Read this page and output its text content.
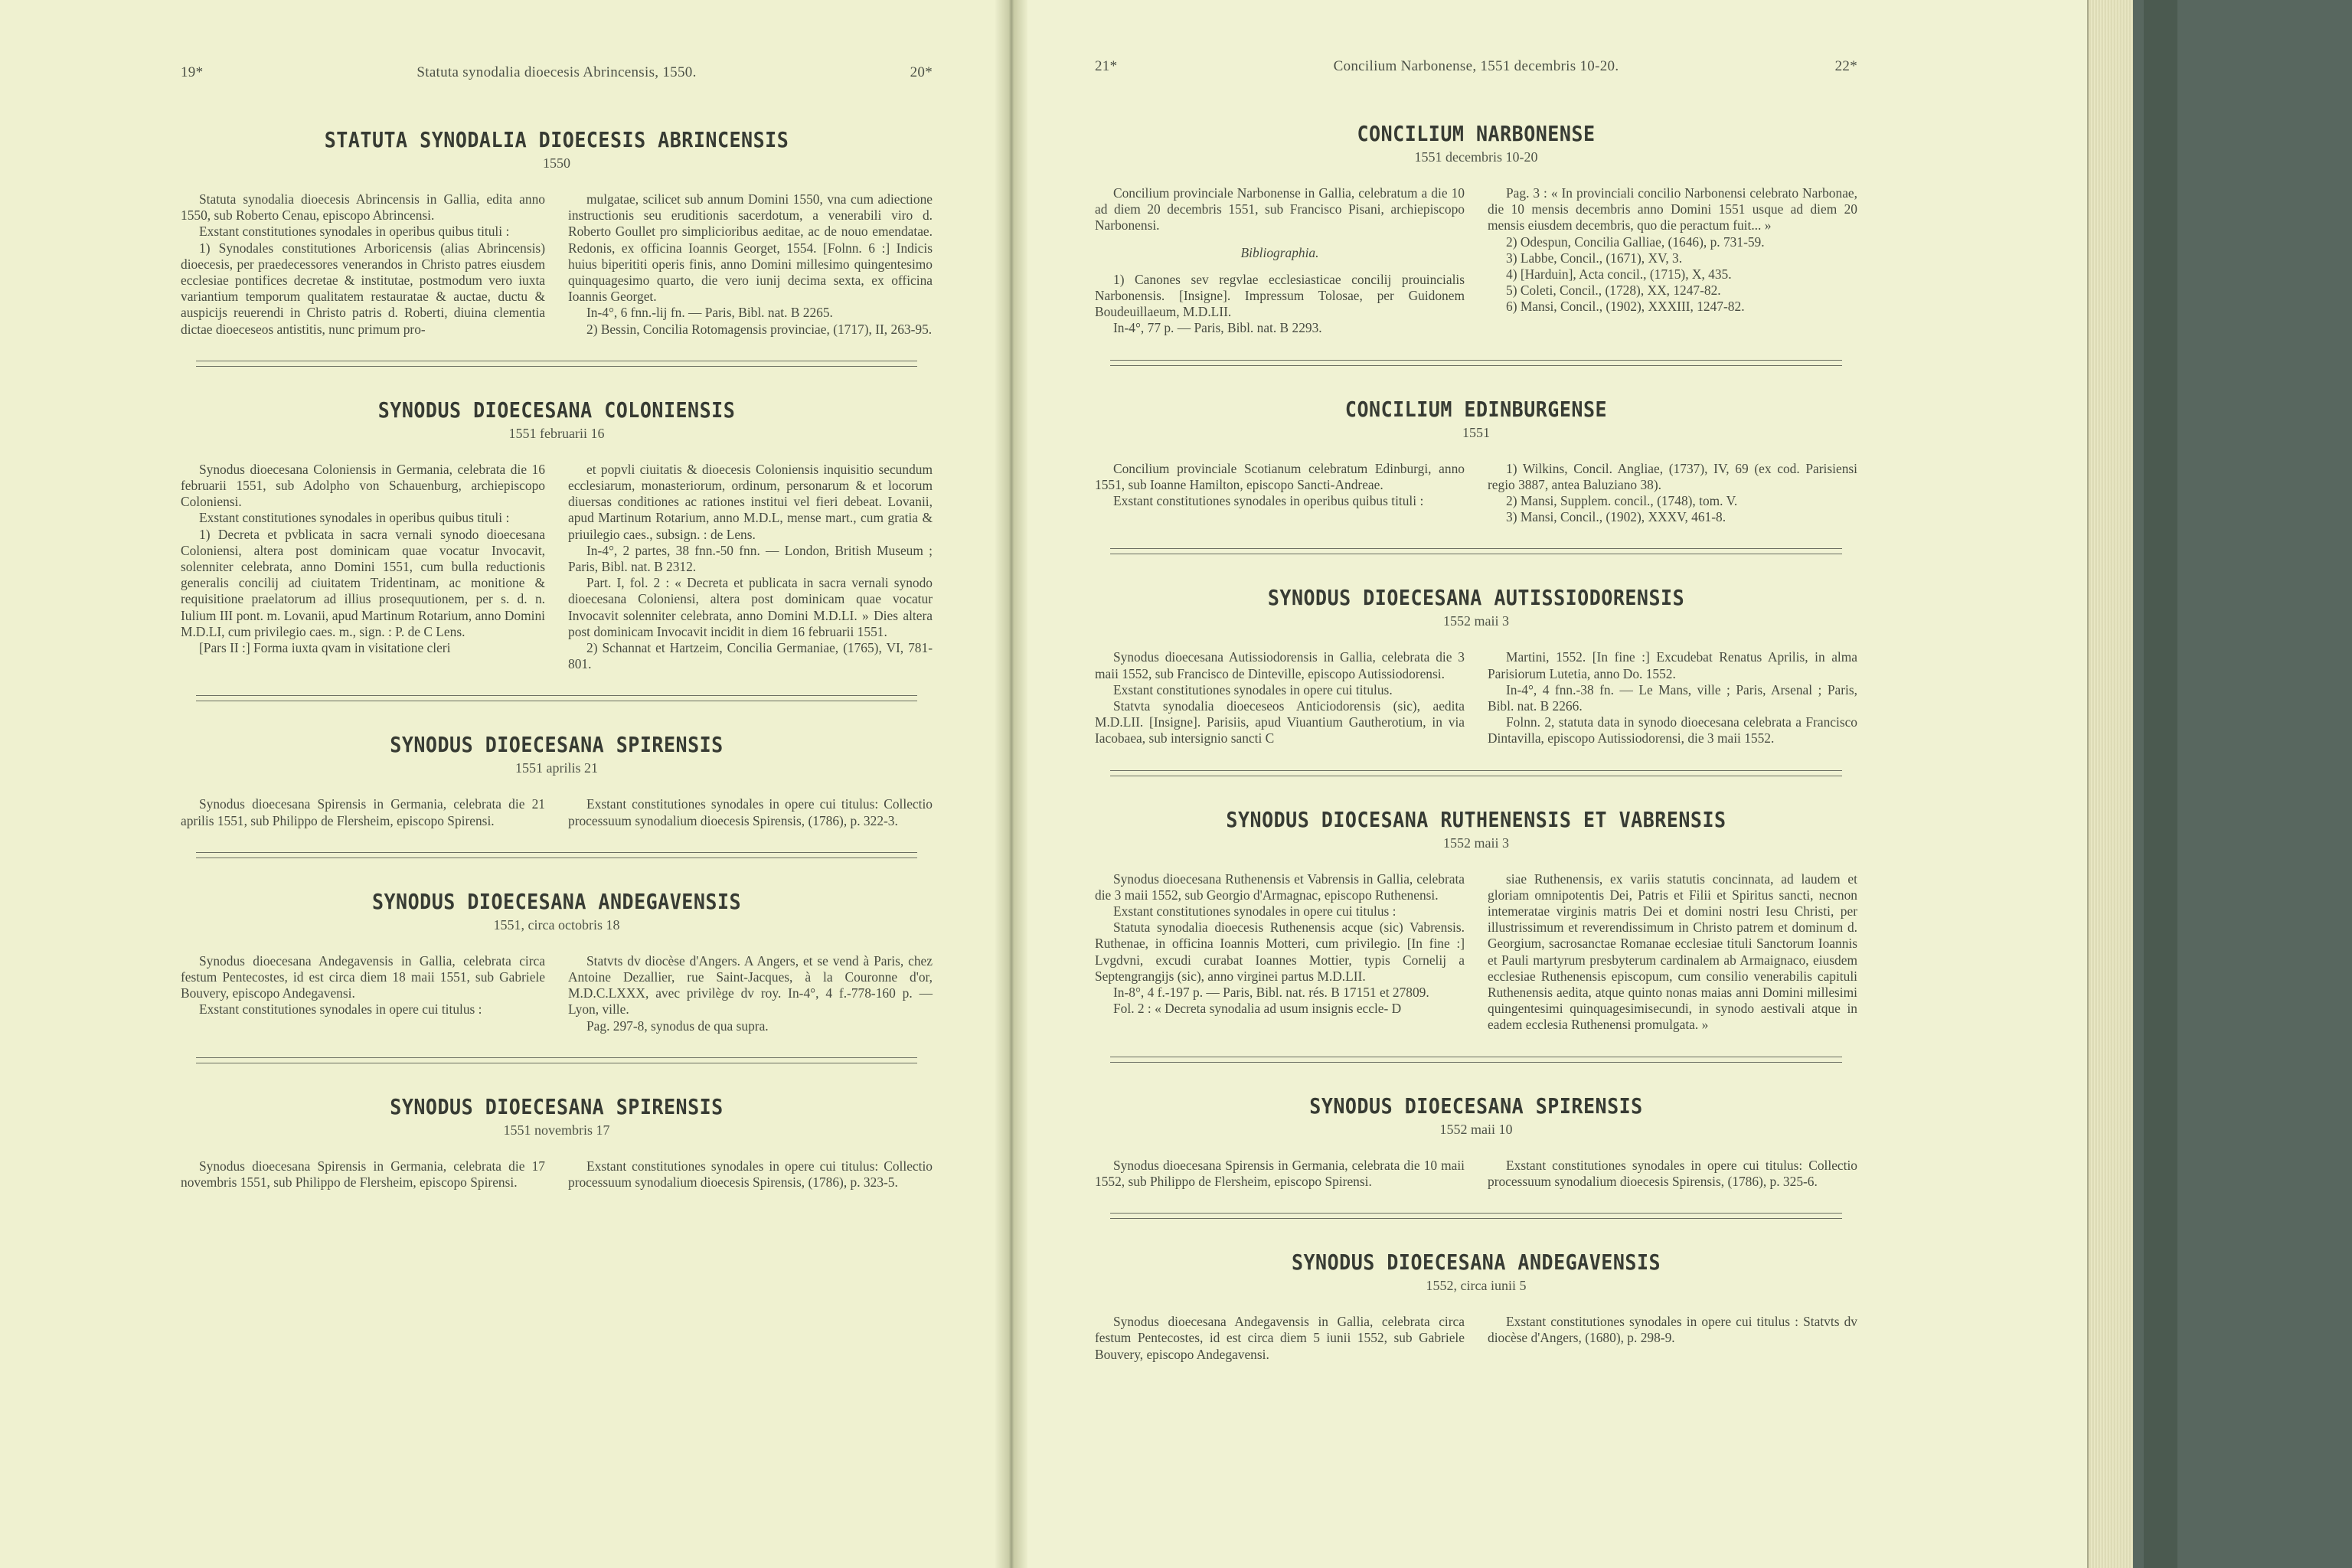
19*	Statuta synodalia dioecesis Abrincensis, 1550.	20*
STATUTA SYNODALIA DIOECESIS ABRINCENSIS
1550

Statuta synodalia dioecesis Abrincensis in Gallia, edita anno 1550, sub Roberto Cenau, episcopo Abrincensi.

Exstant constitutiones synodales in operibus quibus tituli :

1) Synodales constitutiones Arboricensis (alias Abrincensis) dioecesis, per praedecessores venerandos in Christo patres eiusdem ecclesiae pontifices decretae & institutae, postmodum vero iuxta variantium temporum qualitatem restauratae & auctae, ductu & auspicijs reuerendi in Christo patris d. Roberti, diuina clementia dictae dioeceseos antistitis, nunc primum pro-

mulgatae, scilicet sub annum Domini 1550, vna cum adiectione instructionis seu eruditionis sacerdotum, a venerabili viro d. Roberto Goullet pro simplicioribus aeditae, ac de nouo emendatae. Redonis, ex officina Ioannis Georget, 1554. [Folnn. 6 :] Indicis huius biperititi operis finis, anno Domini millesimo quingentesimo quinquagesimo quarto, die vero iunij decima sexta, ex officina Ioannis Georget.

In-4°, 6 fnn.-lij fn. — Paris, Bibl. nat. B 2265.

2) Bessin, Concilia Rotomagensis provinciae, (1717), II, 263-95.

SYNODUS DIOECESANA COLONIENSIS
1551 februarii 16

Synodus dioecesana Coloniensis in Germania, celebrata die 16 februarii 1551, sub Adolpho von Schauenburg, archiepiscopo Coloniensi.

Exstant constitutiones synodales in operibus quibus tituli :

1) Decreta et pvblicata in sacra vernali synodo dioecesana Coloniensi, altera post dominicam quae vocatur Invocavit, solenniter celebrata, anno Domini 1551, cum bulla reductionis generalis concilij ad ciuitatem Tridentinam, ac monitione & requisitione praelatorum ad illius prosequutionem, per s. d. n. Iulium III pont. m. Lovanii, apud Martinum Rotarium, anno Domini M.D.LI, cum privilegio caes. m., sign. : P. de C Lens.

[Pars II :] Forma iuxta qvam in visitatione cleri

et popvli ciuitatis & dioecesis Coloniensis inquisitio secundum ecclesiarum, monasteriorum, ordinum, personarum & et locorum diuersas conditiones ac rationes institui vel fieri debeat. Lovanii, apud Martinum Rotarium, anno M.D.L, mense mart., cum gratia & priuilegio caes., subsign. : de Lens.

In-4°, 2 partes, 38 fnn.-50 fnn. — London, British Museum ; Paris, Bibl. nat. B 2312.

Part. I, fol. 2 : « Decreta et publicata in sacra vernali synodo dioecesana Coloniensi, altera post dominicam quae vocatur Invocavit solenniter celebrata, anno Domini M.D.LI. » Dies altera post dominicam Invocavit incidit in diem 16 februarii 1551.

2) Schannat et Hartzeim, Concilia Germaniae, (1765), VI, 781-801.

SYNODUS DIOECESANA SPIRENSIS
1551 aprilis 21

Synodus dioecesana Spirensis in Germania, celebrata die 21 aprilis 1551, sub Philippo de Flersheim, episcopo Spirensi.

Exstant constitutiones synodales in opere cui titulus: Collectio processuum synodalium dioecesis Spirensis, (1786), p. 322-3.

SYNODUS DIOECESANA ANDEGAVENSIS
1551, circa octobris 18

Synodus dioecesana Andegavensis in Gallia, celebrata circa festum Pentecostes, id est circa diem 18 maii 1551, sub Gabriele Bouvery, episcopo Andegavensi.

Exstant constitutiones synodales in opere cui titulus :

Statvts dv diocèse d'Angers. A Angers, et se vend à Paris, chez Antoine Dezallier, rue Saint-Jacques, à la Couronne d'or, M.D.C.LXXX, avec privilège dv roy. In-4°, 4 f.-778-160 p. — Lyon, ville.

Pag. 297-8, synodus de qua supra.

SYNODUS DIOECESANA SPIRENSIS
1551 novembris 17

Synodus dioecesana Spirensis in Germania, celebrata die 17 novembris 1551, sub Philippo de Flersheim, episcopo Spirensi.

Exstant constitutiones synodales in opere cui titulus: Collectio processuum synodalium dioecesis Spirensis, (1786), p. 323-5.

21*	Concilium Narbonense, 1551 decembris 10-20.	22*
CONCILIUM NARBONENSE
1551 decembris 10-20

Concilium provinciale Narbonense in Gallia, celebratum a die 10 ad diem 20 decembris 1551, sub Francisco Pisani, archiepiscopo Narbonensi.

Bibliographia.

1) Canones sev regvlae ecclesiasticae concilij prouincialis Narbonensis. [Insigne]. Impressum Tolosae, per Guidonem Boudeuillaeum, M.D.LII.

In-4°, 77 p. — Paris, Bibl. nat. B 2293.

Pag. 3 : « In provinciali concilio Narbonensi celebrato Narbonae, die 10 mensis decembris anno Domini 1551 usque ad diem 20 mensis eiusdem decembris, quo die peractum fuit... »

2) Odespun, Concilia Galliae, (1646), p. 731-59.

3) Labbe, Concil., (1671), XV, 3.

4) [Harduin], Acta concil., (1715), X, 435.

5) Coleti, Concil., (1728), XX, 1247-82.

6) Mansi, Concil., (1902), XXXIII, 1247-82.

CONCILIUM EDINBURGENSE
1551

Concilium provinciale Scotianum celebratum Edinburgi, anno 1551, sub Ioanne Hamilton, episcopo Sancti-Andreae.

Exstant constitutiones synodales in operibus quibus tituli :

1) Wilkins, Concil. Angliae, (1737), IV, 69 (ex cod. Parisiensi regio 3887, antea Baluziano 38).

2) Mansi, Supplem. concil., (1748), tom. V.

3) Mansi, Concil., (1902), XXXV, 461-8.

SYNODUS DIOECESANA AUTISSIODORENSIS
1552 maii 3

Synodus dioecesana Autissiodorensis in Gallia, celebrata die 3 maii 1552, sub Francisco de Dinteville, episcopo Autissiodorensi.

Exstant constitutiones synodales in opere cui titulus.

Statvta synodalia dioeceseos Anticiodorensis (sic), aedita M.D.LII. [Insigne]. Parisiis, apud Viuantium Gautherotium, in via Iacobaea, sub intersignio sancti C

Martini, 1552. [In fine :] Excudebat Renatus Aprilis, in alma Parisiorum Lutetia, anno Do. 1552.

In-4°, 4 fnn.-38 fn. — Le Mans, ville ; Paris, Arsenal ; Paris, Bibl. nat. B 2266.

Folnn. 2, statuta data in synodo dioecesana celebrata a Francisco Dintavilla, episcopo Autissiodorensi, die 3 maii 1552.

SYNODUS DIOCESANA RUTHENENSIS ET VABRENSIS
1552 maii 3

Synodus dioecesana Ruthenensis et Vabrensis in Gallia, celebrata die 3 maii 1552, sub Georgio d'Armagnac, episcopo Ruthenensi.

Exstant constitutiones synodales in opere cui titulus :

Statuta synodalia dioecesis Ruthenensis acque (sic) Vabrensis. Ruthenae, in officina Ioannis Motteri, cum privilegio. [In fine :] Lvgdvni, excudi curabat Ioannes Mottier, typis Cornelij a Septengrangijs (sic), anno virginei partus M.D.LII.

In-8°, 4 f.-197 p. — Paris, Bibl. nat. rés. B 17151 et 27809.

Fol. 2 : « Decreta synodalia ad usum insignis eccle- D

siae Ruthenensis, ex variis statutis concinnata, ad laudem et gloriam omnipotentis Dei, Patris et Filii et Spiritus sancti, necnon intemeratae virginis matris Dei et domini nostri Iesu Christi, per illustrissimum et reverendissimum in Christo patrem et dominum d. Georgium, sacrosanctae Romanae ecclesiae tituli Sanctorum Ioannis et Pauli martyrum presbyterum cardinalem ab Armaignaco, eiusdem ecclesiae Ruthenensis episcopum, cum consilio venerabilis capituli Ruthenensis aedita, atque quinto nonas maias anni Domini millesimi quingentesimi quinquagesimisecundi, in synodo aestivali atque in eadem ecclesia Ruthenensi promulgata. »

SYNODUS DIOECESANA SPIRENSIS
1552 maii 10

Synodus dioecesana Spirensis in Germania, celebrata die 10 maii 1552, sub Philippo de Flersheim, episcopo Spirensi.

Exstant constitutiones synodales in opere cui titulus: Collectio processuum synodalium dioecesis Spirensis, (1786), p. 325-6.

SYNODUS DIOECESANA ANDEGAVENSIS
1552, circa iunii 5

Synodus dioecesana Andegavensis in Gallia, celebrata circa festum Pentecostes, id est circa diem 5 iunii 1552, sub Gabriele Bouvery, episcopo Andegavensi.

Exstant constitutiones synodales in opere cui titulus : Statvts dv diocèse d'Angers, (1680), p. 298-9.
